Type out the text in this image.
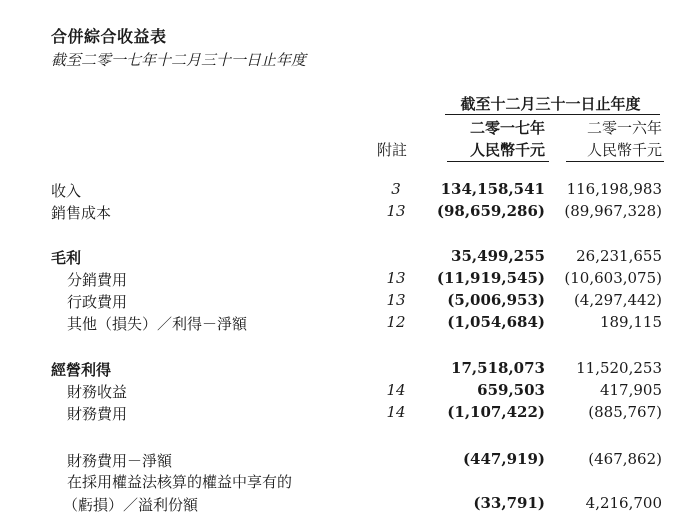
合併綜合收益表
截至二零一七年十二月三十一日止年度
截至十二月三十一日止年度
二零一七年	二零一六年
附註	人民幣千元	人民幣千元
收入	3	134,158,541 116,198,983
銷售成本	13 (98,659,286) (89,967,328)
毛利	35,499,255 26,231,655
分銷費用	13 (11,919,545) (10,603,075)
行政費用	13	(5,006,953) (4,297,442)
其他（損失）／利得－淨額	12	(1,054,684)	189,115
經營利得	17,518,073 11,520,253
財務收益	14	659,503	417,905
財務費用	14	(1,107,422)	(885,767)
財務費用－淨額	(447,919)	(467,862)
在採用權益法核算的權益中享有的
（虧損）／溢利份額	(33,791)	4,216,700
